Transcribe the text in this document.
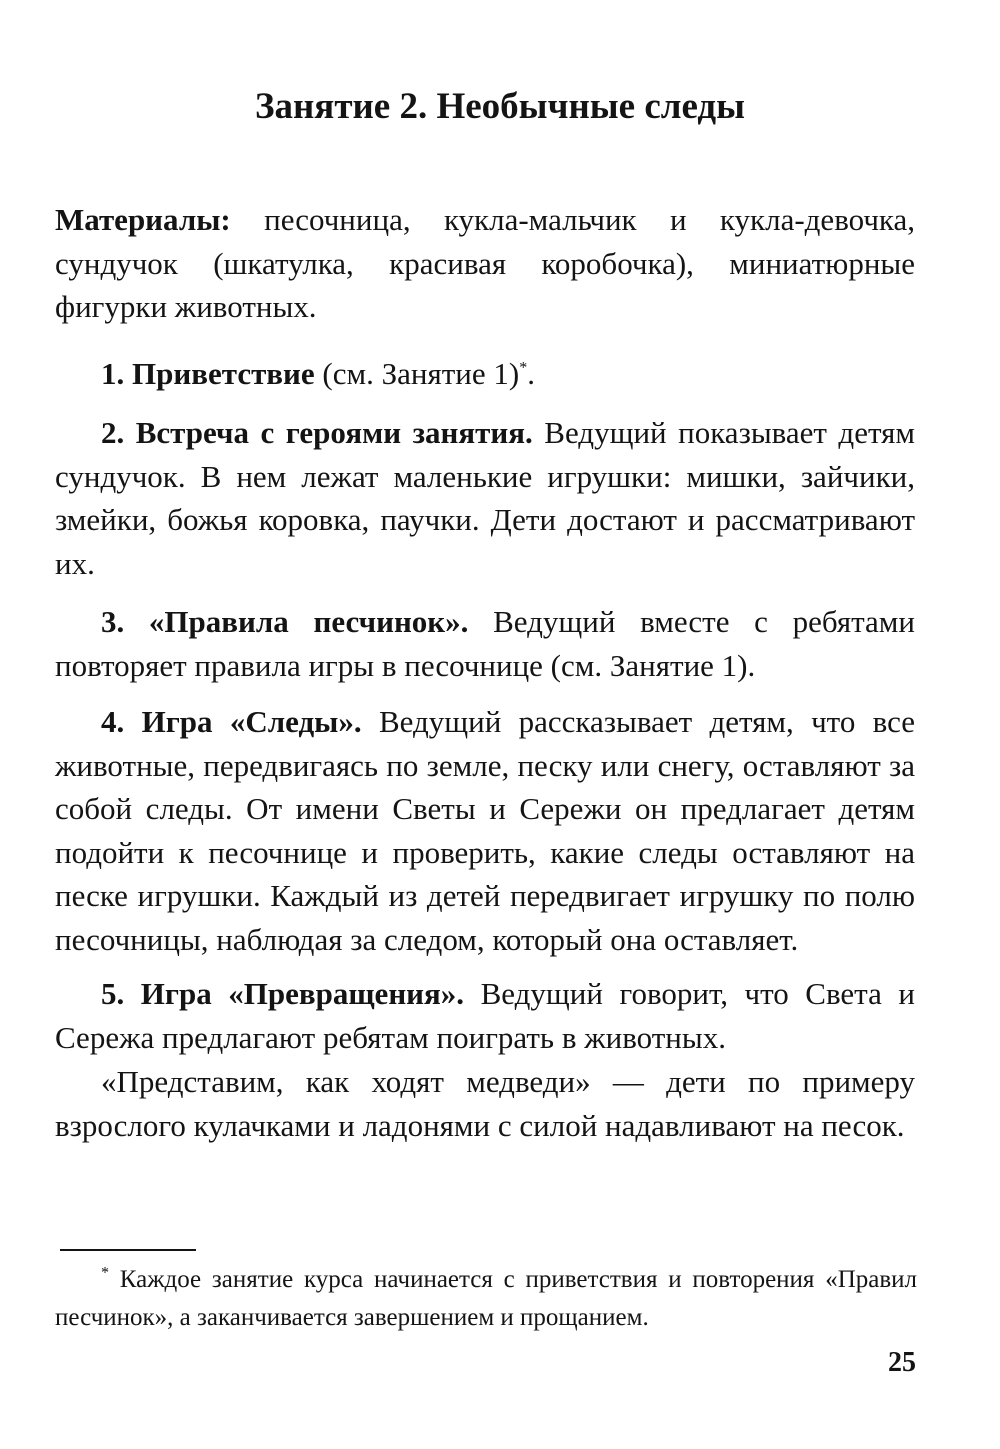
Занятие 2. Необычные следы
Материалы: песочница, кукла-мальчик и кукла-девочка, сундучок (шкатулка, красивая коробочка), миниатюрные фигурки животных.
1. Приветствие (см. Занятие 1)*.
2. Встреча с героями занятия. Ведущий показывает детям сундучок. В нем лежат маленькие игрушки: мишки, зайчики, змейки, божья коровка, паучки. Дети достают и рассматривают их.
3. «Правила песчинок». Ведущий вместе с ребятами повторяет правила игры в песочнице (см. Занятие 1).
4. Игра «Следы». Ведущий рассказывает детям, что все животные, передвигаясь по земле, песку или снегу, оставляют за собой следы. От имени Светы и Сережи он предлагает детям подойти к песочнице и проверить, какие следы оставляют на песке игрушки. Каждый из детей передвигает игрушку по полю песочницы, наблюдая за следом, который она оставляет.
5. Игра «Превращения». Ведущий говорит, что Света и Сережа предлагают ребятам поиграть в животных.
«Представим, как ходят медведи» — дети по примеру взрослого кулачками и ладонями с силой надавливают на песок.
* Каждое занятие курса начинается с приветствия и повторения «Правил песчинок», а заканчивается завершением и прощанием.
25
